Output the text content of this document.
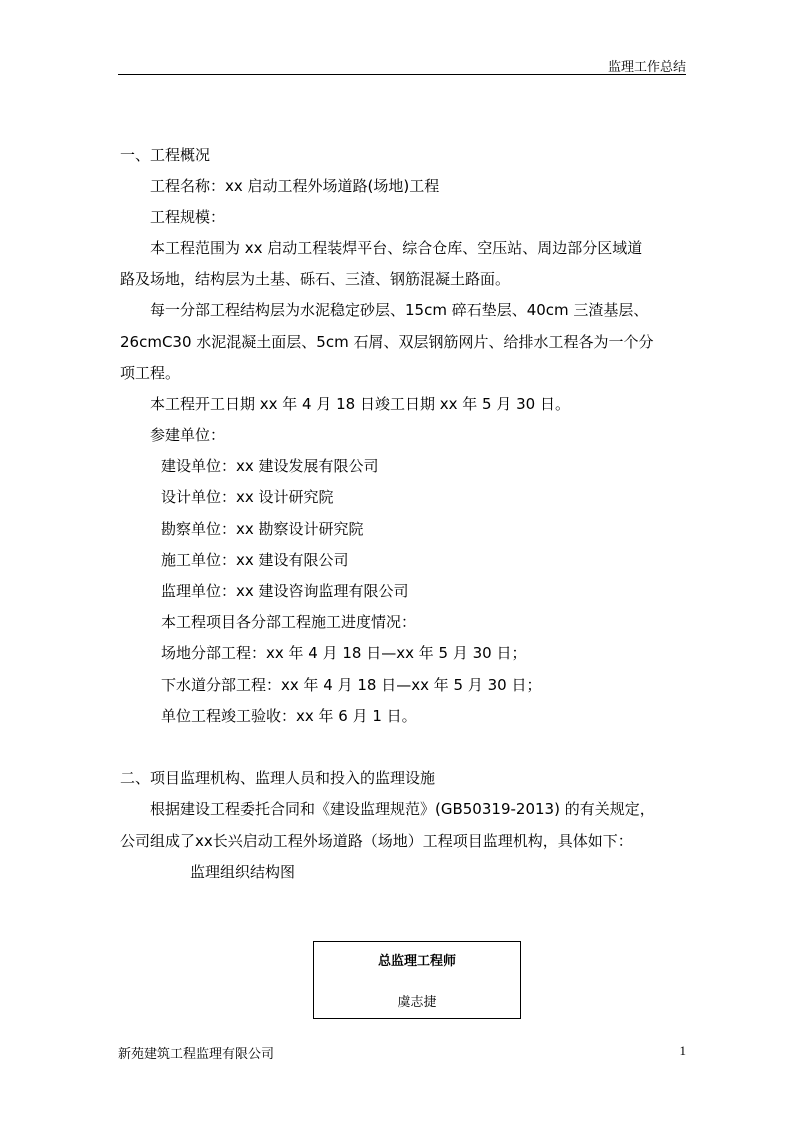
监理工作总结
一、工程概况
工程名称：xx 启动工程外场道路(场地)工程
工程规模：
本工程范围为 xx 启动工程装焊平台、综合仓库、空压站、周边部分区域道
路及场地，结构层为土基、砾石、三渣、钢筋混凝土路面。
每一分部工程结构层为水泥稳定砂层、15cm 碎石垫层、40cm 三渣基层、
26cmC30 水泥混凝土面层、5cm 石屑、双层钢筋网片、给排水工程各为一个分
项工程。
本工程开工日期 xx 年 4 月 18 日竣工日期 xx 年 5 月 30 日。
参建单位：
建设单位：xx 建设发展有限公司
设计单位：xx 设计研究院
勘察单位：xx 勘察设计研究院
施工单位：xx 建设有限公司
监理单位：xx 建设咨询监理有限公司
本工程项目各分部工程施工进度情况：
场地分部工程：xx 年 4 月 18 日—xx 年 5 月 30 日；
下水道分部工程：xx 年 4 月 18 日—xx 年 5 月 30 日；
单位工程竣工验收：xx 年 6 月 1 日。
二、项目监理机构、监理人员和投入的监理设施
根据建设工程委托合同和《建设监理规范》(GB50319-2013) 的有关规定，
公司组成了xx长兴启动工程外场道路（场地）工程项目监理机构，具体如下：
监理组织结构图
总监理工程师
虞志捷
新苑建筑工程监理有限公司	1
